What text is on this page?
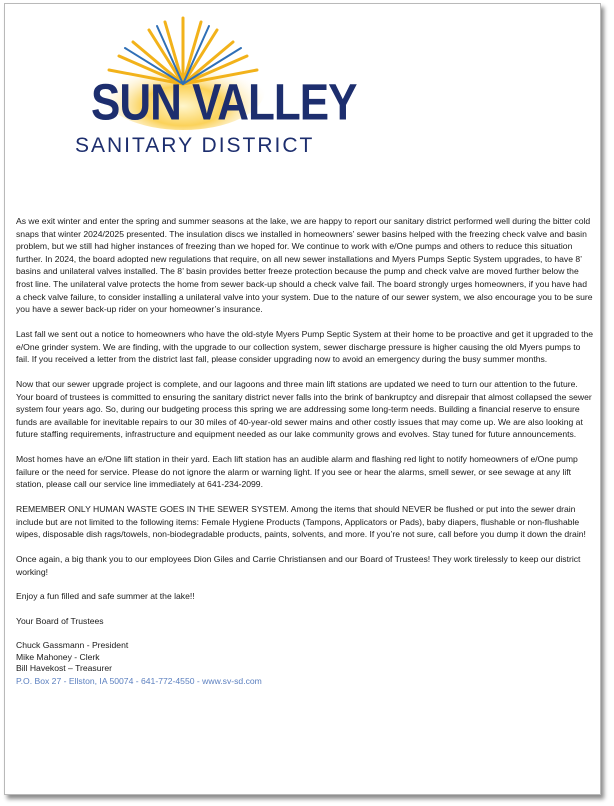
SUN VALLEY
SANITARY DISTRICT

As we exit winter and enter the spring and summer seasons at the lake, we are happy to report our sanitary district performed well during the bitter cold snaps that winter 2024/2025 presented. The insulation discs we installed in homeowners’ sewer basins helped with the freezing check valve and basin problem, but we still had higher instances of freezing than we hoped for. We continue to work with e/One pumps and others to reduce this situation further. In 2024, the board adopted new regulations that require, on all new sewer installations and Myers Pumps Septic System upgrades, to have 8’ basins and unilateral valves installed. The 8’ basin provides better freeze protection because the pump and check valve are moved further below the frost line. The unilateral valve protects the home from sewer back-up should a check valve fail. The board strongly urges homeowners, if you have had a check valve failure, to consider installing a unilateral valve into your system. Due to the nature of our sewer system, we also encourage you to be sure you have a sewer back-up rider on your homeowner’s insurance.

Last fall we sent out a notice to homeowners who have the old-style Myers Pump Septic System at their home to be proactive and get it upgraded to the e/One grinder system. We are finding, with the upgrade to our collection system, sewer discharge pressure is higher causing the old Myers pumps to fail. If you received a letter from the district last fall, please consider upgrading now to avoid an emergency during the busy summer months.

Now that our sewer upgrade project is complete, and our lagoons and three main lift stations are updated we need to turn our attention to the future. Your board of trustees is committed to ensuring the sanitary district never falls into the brink of bankruptcy and disrepair that almost collapsed the sewer system four years ago. So, during our budgeting process this spring we are addressing some long-term needs. Building a financial reserve to ensure funds are available for inevitable repairs to our 30 miles of 40-year-old sewer mains and other costly issues that may come up. We are also looking at future staffing requirements, infrastructure and equipment needed as our lake community grows and evolves. Stay tuned for future announcements.

Most homes have an e/One lift station in their yard. Each lift station has an audible alarm and flashing red light to notify homeowners of e/One pump failure or the need for service. Please do not ignore the alarm or warning light. If you see or hear the alarms, smell sewer, or see sewage at any lift station, please call our service line immediately at 641-234-2099.

REMEMBER ONLY HUMAN WASTE GOES IN THE SEWER SYSTEM. Among the items that should NEVER be flushed or put into the sewer drain include but are not limited to the following items: Female Hygiene Products (Tampons, Applicators or Pads), baby diapers, flushable or non-flushable wipes, disposable dish rags/towels, non-biodegradable products, paints, solvents, and more. If you’re not sure, call before you dump it down the drain!

Once again, a big thank you to our employees Dion Giles and Carrie Christiansen and our Board of Trustees! They work tirelessly to keep our district working!

Enjoy a fun filled and safe summer at the lake!!

Your Board of Trustees

Chuck Gassmann - President
Mike Mahoney - Clerk
Bill Havekost – Treasurer
P.O. Box 27 - Ellston, IA 50074 - 641-772-4550 - www.sv-sd.com
